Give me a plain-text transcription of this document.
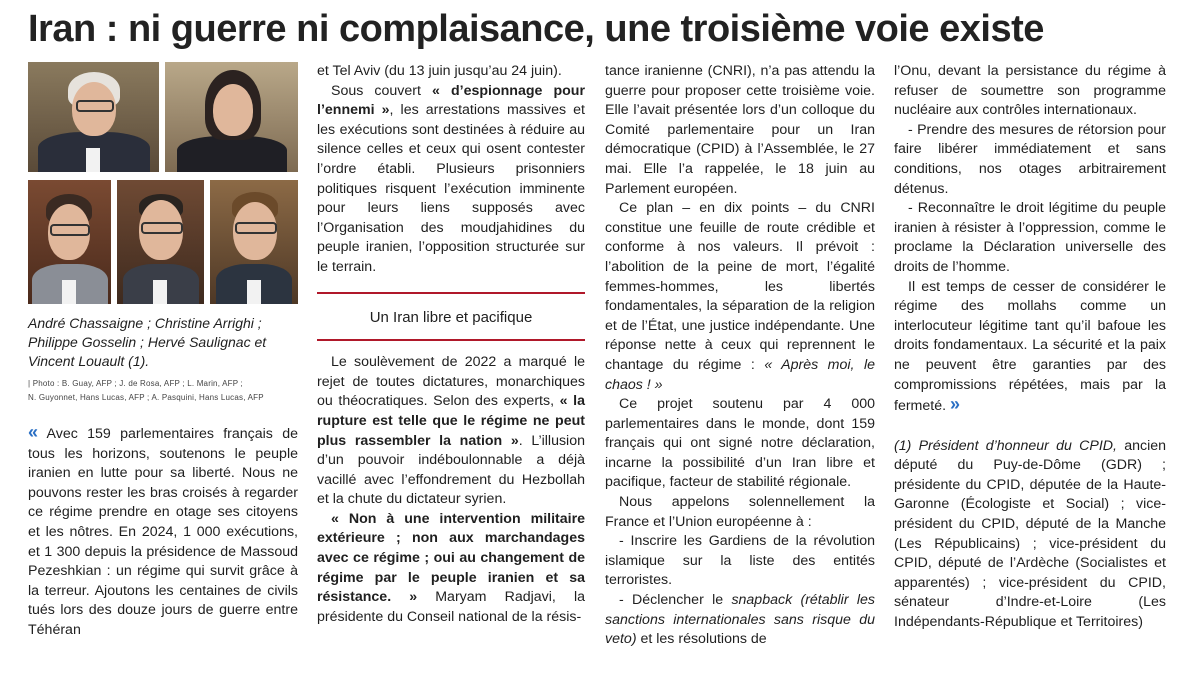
Iran : ni guerre ni complaisance, une troisième voie existe
André Chassaigne ; Christine Arrighi ; Philippe Gosselin ; Hervé Saulignac et Vincent Louault (1).
| Photo : B. Guay, AFP ; J. de Rosa, AFP ; L. Marin, AFP ;
N. Guyonnet, Hans Lucas, AFP ; A. Pasquini, Hans Lucas, AFP

« Avec 159 parlementaires français de tous les horizons, soutenons le peuple iranien en lutte pour sa liberté. Nous ne pouvons rester les bras croisés à regarder ce régime prendre en otage ses citoyens et les nôtres. En 2024, 1 000 exécutions, et 1 300 depuis la présidence de Massoud Pezeshkian : un régime qui survit grâce à la terreur. Ajoutons les centaines de civils tués lors des douze jours de guerre entre Téhéran

et Tel Aviv (du 13 juin jusqu’au 24 juin).

Sous couvert « d’espionnage pour l’ennemi », les arrestations massives et les exécutions sont destinées à réduire au silence celles et ceux qui osent contester l’ordre établi. Plusieurs prisonniers politiques risquent l’exécution imminente pour leurs liens supposés avec l’Organisation des moudjahidines du peuple iranien, l’opposition structurée sur le terrain.

Un Iran libre et pacifique

Le soulèvement de 2022 a marqué le rejet de toutes dictatures, monarchiques ou théocratiques. Selon des experts, « la rupture est telle que le régime ne peut plus rassembler la nation ». L’illusion d’un pouvoir indéboulonnable a déjà vacillé avec l’effondrement du Hezbollah et la chute du dictateur syrien.

« Non à une intervention militaire extérieure ; non aux marchandages avec ce régime ; oui au changement de régime par le peuple iranien et sa résistance. » Maryam Radjavi, la présidente du Conseil national de la résis-

tance iranienne (CNRI), n’a pas attendu la guerre pour proposer cette troisième voie. Elle l’avait présentée lors d’un colloque du Comité parlementaire pour un Iran démocratique (CPID) à l’Assemblée, le 27 mai. Elle l’a rappelée, le 18 juin au Parlement européen.

Ce plan – en dix points – du CNRI constitue une feuille de route crédible et conforme à nos valeurs. Il prévoit : l’abolition de la peine de mort, l’égalité femmes-hommes, les libertés fondamentales, la séparation de la religion et de l’État, une justice indépendante. Une réponse nette à ceux qui reprennent le chantage du régime : « Après moi, le chaos ! »

Ce projet soutenu par 4 000 parlementaires dans le monde, dont 159 français qui ont signé notre déclaration, incarne la possibilité d’un Iran libre et pacifique, facteur de stabilité régionale.

Nous appelons solennellement la France et l’Union européenne à :

- Inscrire les Gardiens de la révolution islamique sur la liste des entités terroristes.

- Déclencher le snapback (rétablir les sanctions internationales sans risque du veto) et les résolutions de

l’Onu, devant la persistance du régime à refuser de soumettre son programme nucléaire aux contrôles internationaux.

- Prendre des mesures de rétorsion pour faire libérer immédiatement et sans conditions, nos otages arbitrairement détenus.

- Reconnaître le droit légitime du peuple iranien à résister à l’oppression, comme le proclame la Déclaration universelle des droits de l’homme.

Il est temps de cesser de considérer le régime des mollahs comme un interlocuteur légitime tant qu’il bafoue les droits fondamentaux. La sécurité et la paix ne peuvent être garanties par des compromissions répétées, mais par la fermeté. »

(1) Président d’honneur du CPID, ancien député du Puy-de-Dôme (GDR) ; présidente du CPID, députée de la Haute-Garonne (Écologiste et Social) ; vice-président du CPID, député de la Manche (Les Républicains) ; vice-président du CPID, député de l’Ardèche (Socialistes et apparentés) ; vice-président du CPID, sénateur d’Indre-et-Loire (Les Indépendants-République et Territoires)
